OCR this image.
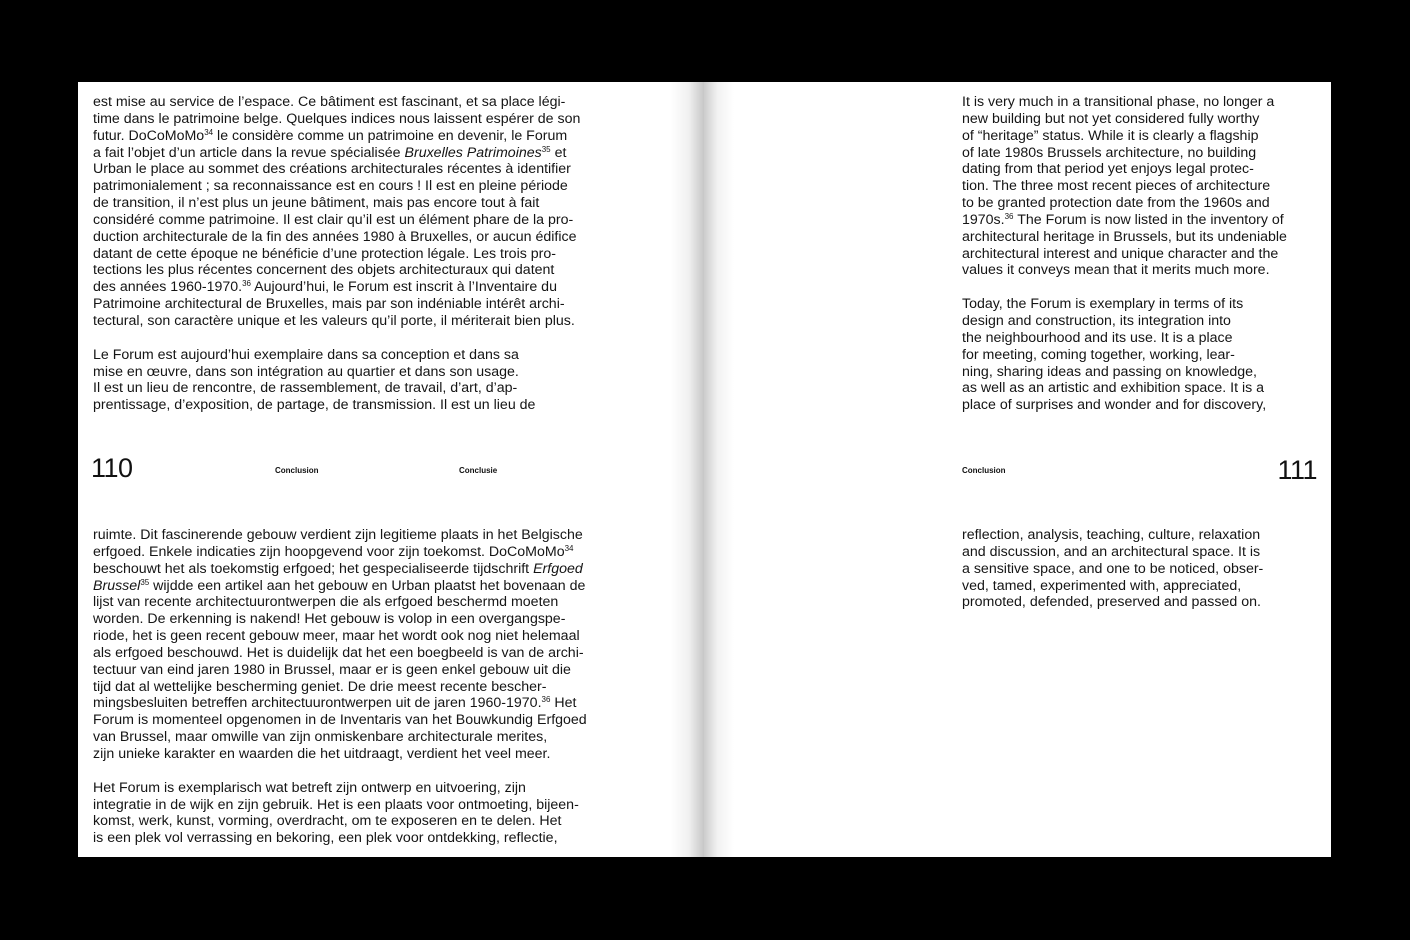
est mise au service de l’espace. Ce bâtiment est fascinant, et sa place légi-
time dans le patrimoine belge. Quelques indices nous laissent espérer de son
futur. DoCoMoMo$^{34}$ le considère comme un patrimoine en devenir, le Forum
a fait l’objet d’un article dans la revue spécialisée Bruxelles Patrimoines$^{35}$ et
Urban le place au sommet des créations architecturales récentes à identifier
patrimonialement ; sa reconnaissance est en cours ! Il est en pleine période
de transition, il n’est plus un jeune bâtiment, mais pas encore tout à fait
considéré comme patrimoine. Il est clair qu’il est un élément phare de la pro-
duction architecturale de la fin des années 1980 à Bruxelles, or aucun édifice
datant de cette époque ne bénéficie d’une protection légale. Les trois pro-
tections les plus récentes concernent des objets architecturaux qui datent
des années 1960-1970.36 Aujourd’hui, le Forum est inscrit à l’Inventaire du
Patrimoine architectural de Bruxelles, mais par son indéniable intérêt archi-
tectural, son caractère unique et les valeurs qu’il porte, il mériterait bien plus.
Le Forum est aujourd’hui exemplaire dans sa conception et dans sa
mise en œuvre, dans son intégration au quartier et dans son usage.
Il est un lieu de rencontre, de rassemblement, de travail, d’art, d’ap-
prentissage, d’exposition, de partage, de transmission. Il est un lieu de
110	Conclusion	Conclusie
ruimte. Dit fascinerende gebouw verdient zijn legitieme plaats in het Belgische
erfgoed. Enkele indicaties zijn hoopgevend voor zijn toekomst. DoCoMoMo$^{34}$
beschouwt het als toekomstig erfgoed; het gespecialiseerde tijdschrift Erfgoed
Brussel$^{35}$ wijdde een artikel aan het gebouw en Urban plaatst het bovenaan de
lijst van recente architectuurontwerpen die als erfgoed beschermd moeten
worden. De erkenning is nakend! Het gebouw is volop in een overgangspe-
riode, het is geen recent gebouw meer, maar het wordt ook nog niet helemaal
als erfgoed beschouwd. Het is duidelijk dat het een boegbeeld is van de archi-
tectuur van eind jaren 1980 in Brussel, maar er is geen enkel gebouw uit die
tijd dat al wettelijke bescherming geniet. De drie meest recente bescher-
mingsbesluiten betreffen architectuurontwerpen uit de jaren 1960-1970.36 Het
Forum is momenteel opgenomen in de Inventaris van het Bouwkundig Erfgoed
van Brussel, maar omwille van zijn onmiskenbare architecturale merites,
zijn unieke karakter en waarden die het uitdraagt, verdient het veel meer.
Het Forum is exemplarisch wat betreft zijn ontwerp en uitvoering, zijn
integratie in de wijk en zijn gebruik. Het is een plaats voor ontmoeting, bijeen-
komst, werk, kunst, vorming, overdracht, om te exposeren en te delen. Het
is een plek vol verrassing en bekoring, een plek voor ontdekking, reflectie,
It is very much in a transitional phase, no longer a
new building but not yet considered fully worthy
of “heritage” status. While it is clearly a flagship
of late 1980s Brussels architecture, no building
dating from that period yet enjoys legal protec-
tion. The three most recent pieces of architecture
to be granted protection date from the 1960s and
1970s.$^{36}$ The Forum is now listed in the inventory of
architectural heritage in Brussels, but its undeniable
architectural interest and unique character and the
values it conveys mean that it merits much more.
Today, the Forum is exemplary in terms of its
design and construction, its integration into
the neighbourhood and its use. It is a place
for meeting, coming together, working, lear-
ning, sharing ideas and passing on knowledge,
as well as an artistic and exhibition space. It is a
place of surprises and wonder and for discovery,
Conclusion	111
reflection, analysis, teaching, culture, relaxation
and discussion, and an architectural space. It is
a sensitive space, and one to be noticed, obser-
ved, tamed, experimented with, appreciated,
promoted, defended, preserved and passed on.
